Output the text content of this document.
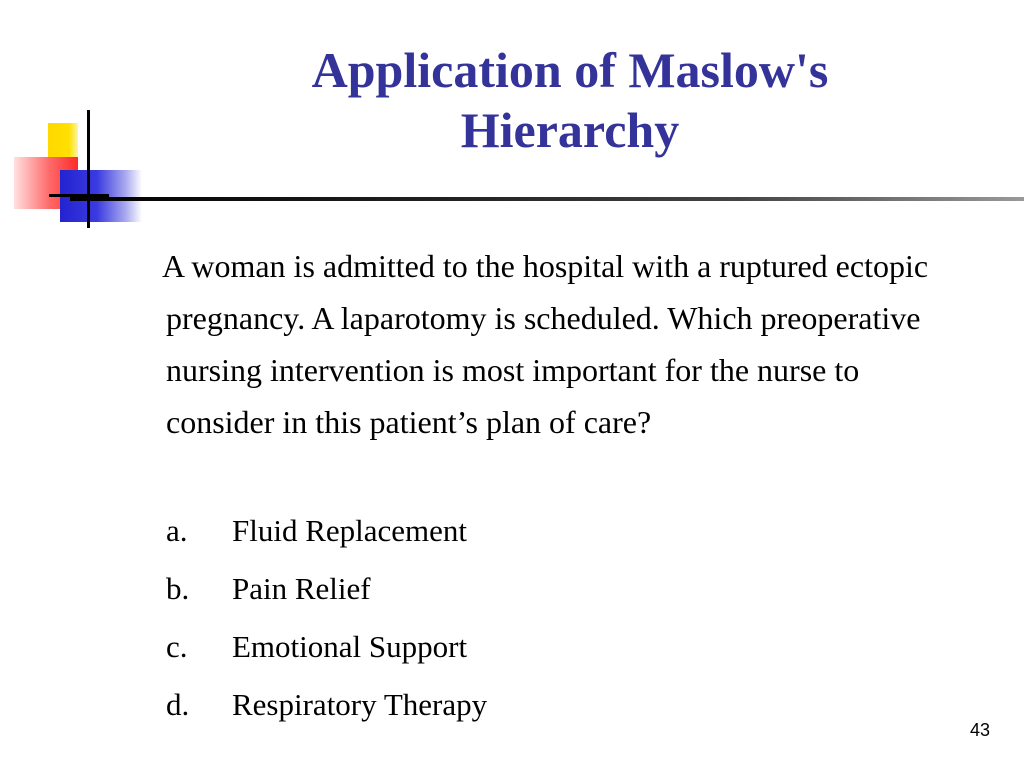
Application of Maslow's Hierarchy
A woman is admitted to the hospital with a ruptured ectopic pregnancy. A laparotomy is scheduled. Which preoperative nursing intervention is most important for the nurse to consider in this patient’s plan of care?
a. Fluid Replacement
b. Pain Relief
c. Emotional Support
d. Respiratory Therapy
43
